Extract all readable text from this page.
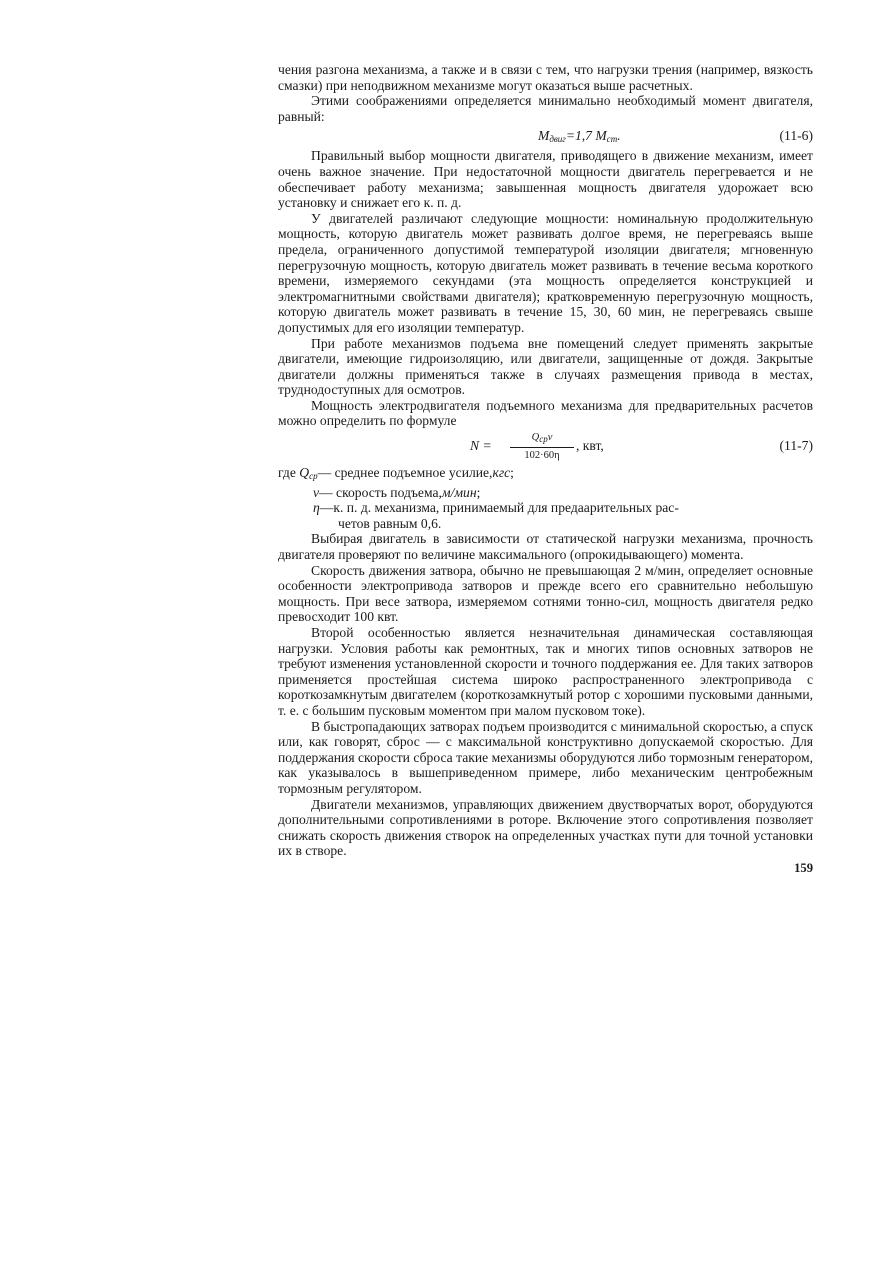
чения разгона механизма, а также и в связи с тем, что нагрузки трения (например, вязкость смазки) при неподвижном механизме могут оказаться выше расчетных.

Этими соображениями определяется минимально необходимый момент двигателя, равный:

$M_{двиг}=1,7$ $M_{ст}$.	(11-6)

Правильный выбор мощности двигателя, приводящего в движение механизм, имеет очень важное значение. При недостаточной мощности двигатель перегревается и не обеспечивает работу механизма; завышенная мощность двигателя удорожает всю установку и снижает его к. п. д.

У двигателей различают следующие мощности: номинальную продолжительную мощность, которую двигатель может развивать долгое время, не перегреваясь выше предела, ограниченного допустимой температурой изоляции двигателя; мгновенную перегрузочную мощность, которую двигатель может развивать в течение весьма короткого времени, измеряемого секундами (эта мощность определяется конструкцией и электромагнитными свойствами двигателя); кратковременную перегрузочную мощность, которую двигатель может развивать в течение 15, 30, 60 мин, не перегреваясь свыше допустимых для его изоляции температур.

При работе механизмов подъема вне помещений следует применять закрытые двигатели, имеющие гидроизоляцию, или двигатели, защищенные от дождя. Закрытые двигатели должны применяться также в случаях размещения привода в местах, труднодоступных для осмотров.

Мощность электродвигателя подъемного механизма для предварительных расчетов можно определить по формуле

N =
$Q_{ср}v$
102·60η
, квт,	(11-7)
где
$Q_{ср}$ — среднее подъемное усилие, кгс ;
v — скорость подъема, м/мин ;
η —к. п. д. механизма, принимаемый для предаарительных рас-
четов равным 0,6.

Выбирая двигатель в зависимости от статической нагрузки механизма, прочность двигателя проверяют по величине максимального (опрокидывающего) момента.

Скорость движения затвора, обычно не превышающая 2 м/мин, определяет основные особенности электропривода затворов и прежде всего его сравнительно небольшую мощность. При весе затвора, измеряемом сотнями тонно-сил, мощность двигателя редко превосходит 100 квт.

Второй особенностью является незначительная динамическая составляющая нагрузки. Условия работы как ремонтных, так и многих типов основных затворов не требуют изменения установленной скорости и точного поддержания ее. Для таких затворов применяется простейшая система широко распространенного электропривода с короткозамкнутым двигателем (короткозамкнутый ротор с хорошими пусковыми данными, т. е. с большим пусковым моментом при малом пусковом токе).

В быстропадающих затворах подъем производится с минимальной скоростью, а спуск или, как говорят, сброс — с максимальной конструктивно допускаемой скоростью. Для поддержания скорости сброса такие механизмы оборудуются либо тормозным генератором, как указывалось в вышеприведенном примере, либо механическим центробежным тормозным регулятором.

Двигатели механизмов, управляющих движением двустворчатых ворот, оборудуются дополнительными сопротивлениями в роторе. Включение этого сопротивления позволяет снижать скорость движения створок на определенных участках пути для точной установки их в створе.

159
